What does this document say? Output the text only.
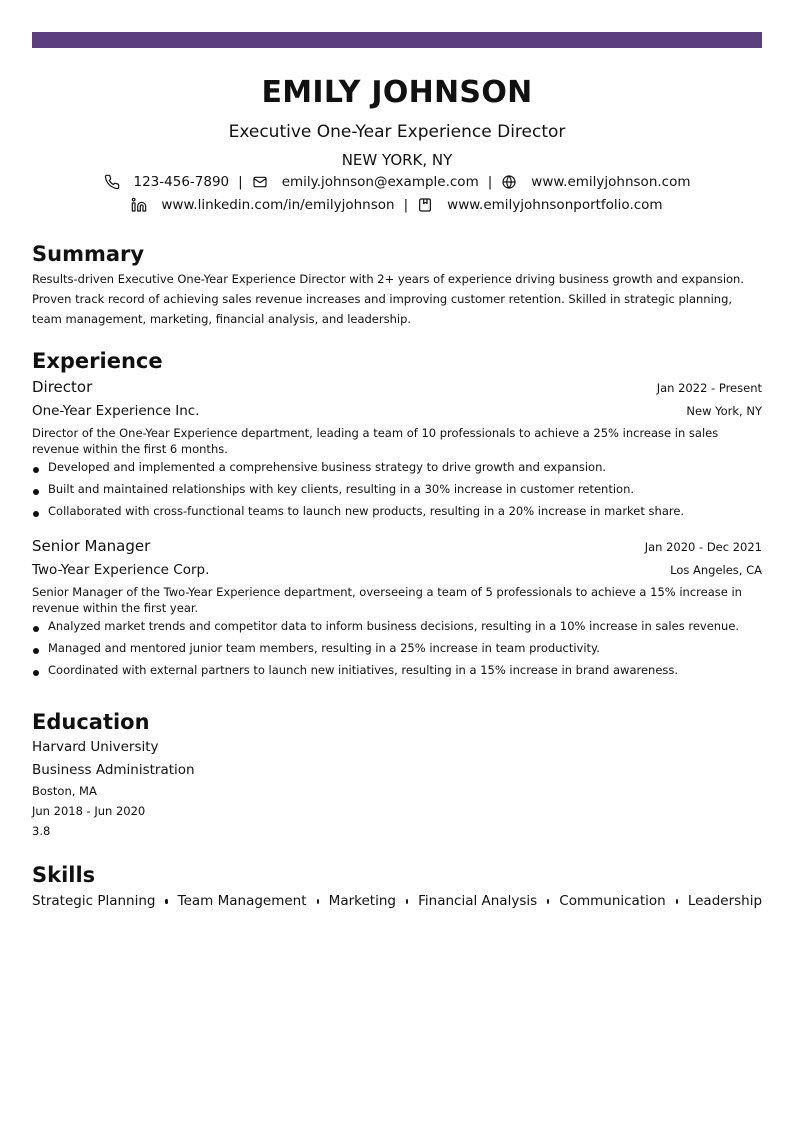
EMILY JOHNSON
Executive One-Year Experience Director
NEW YORK, NY
123-456-7890 |	emily.johnson@example.com |	www.emilyjohnson.com
www.linkedin.com/in/emilyjohnson |	www.emilyjohnsonportfolio.com
Summary
Results-driven Executive One-Year Experience Director with 2+ years of experience driving business growth and expansion. Proven track record of achieving sales revenue increases and improving customer retention. Skilled in strategic planning, team management, marketing, financial analysis, and leadership.
Experience
Director	Jan 2022 - Present
One-Year Experience Inc.	New York, NY
Director of the One-Year Experience department, leading a team of 10 professionals to achieve a 25% increase in sales revenue within the first 6 months.
Developed and implemented a comprehensive business strategy to drive growth and expansion.
Built and maintained relationships with key clients, resulting in a 30% increase in customer retention.
Collaborated with cross-functional teams to launch new products, resulting in a 20% increase in market share.
Senior Manager	Jan 2020 - Dec 2021
Two-Year Experience Corp.	Los Angeles, CA
Senior Manager of the Two-Year Experience department, overseeing a team of 5 professionals to achieve a 15% increase in revenue within the first year.
Analyzed market trends and competitor data to inform business decisions, resulting in a 10% increase in sales revenue.
Managed and mentored junior team members, resulting in a 25% increase in team productivity.
Coordinated with external partners to launch new initiatives, resulting in a 15% increase in brand awareness.
Education
Harvard University
Business Administration
Boston, MA
Jun 2018 - Jun 2020
3.8
Skills
Strategic Planning Team Management Marketing Financial Analysis Communication Leadership
